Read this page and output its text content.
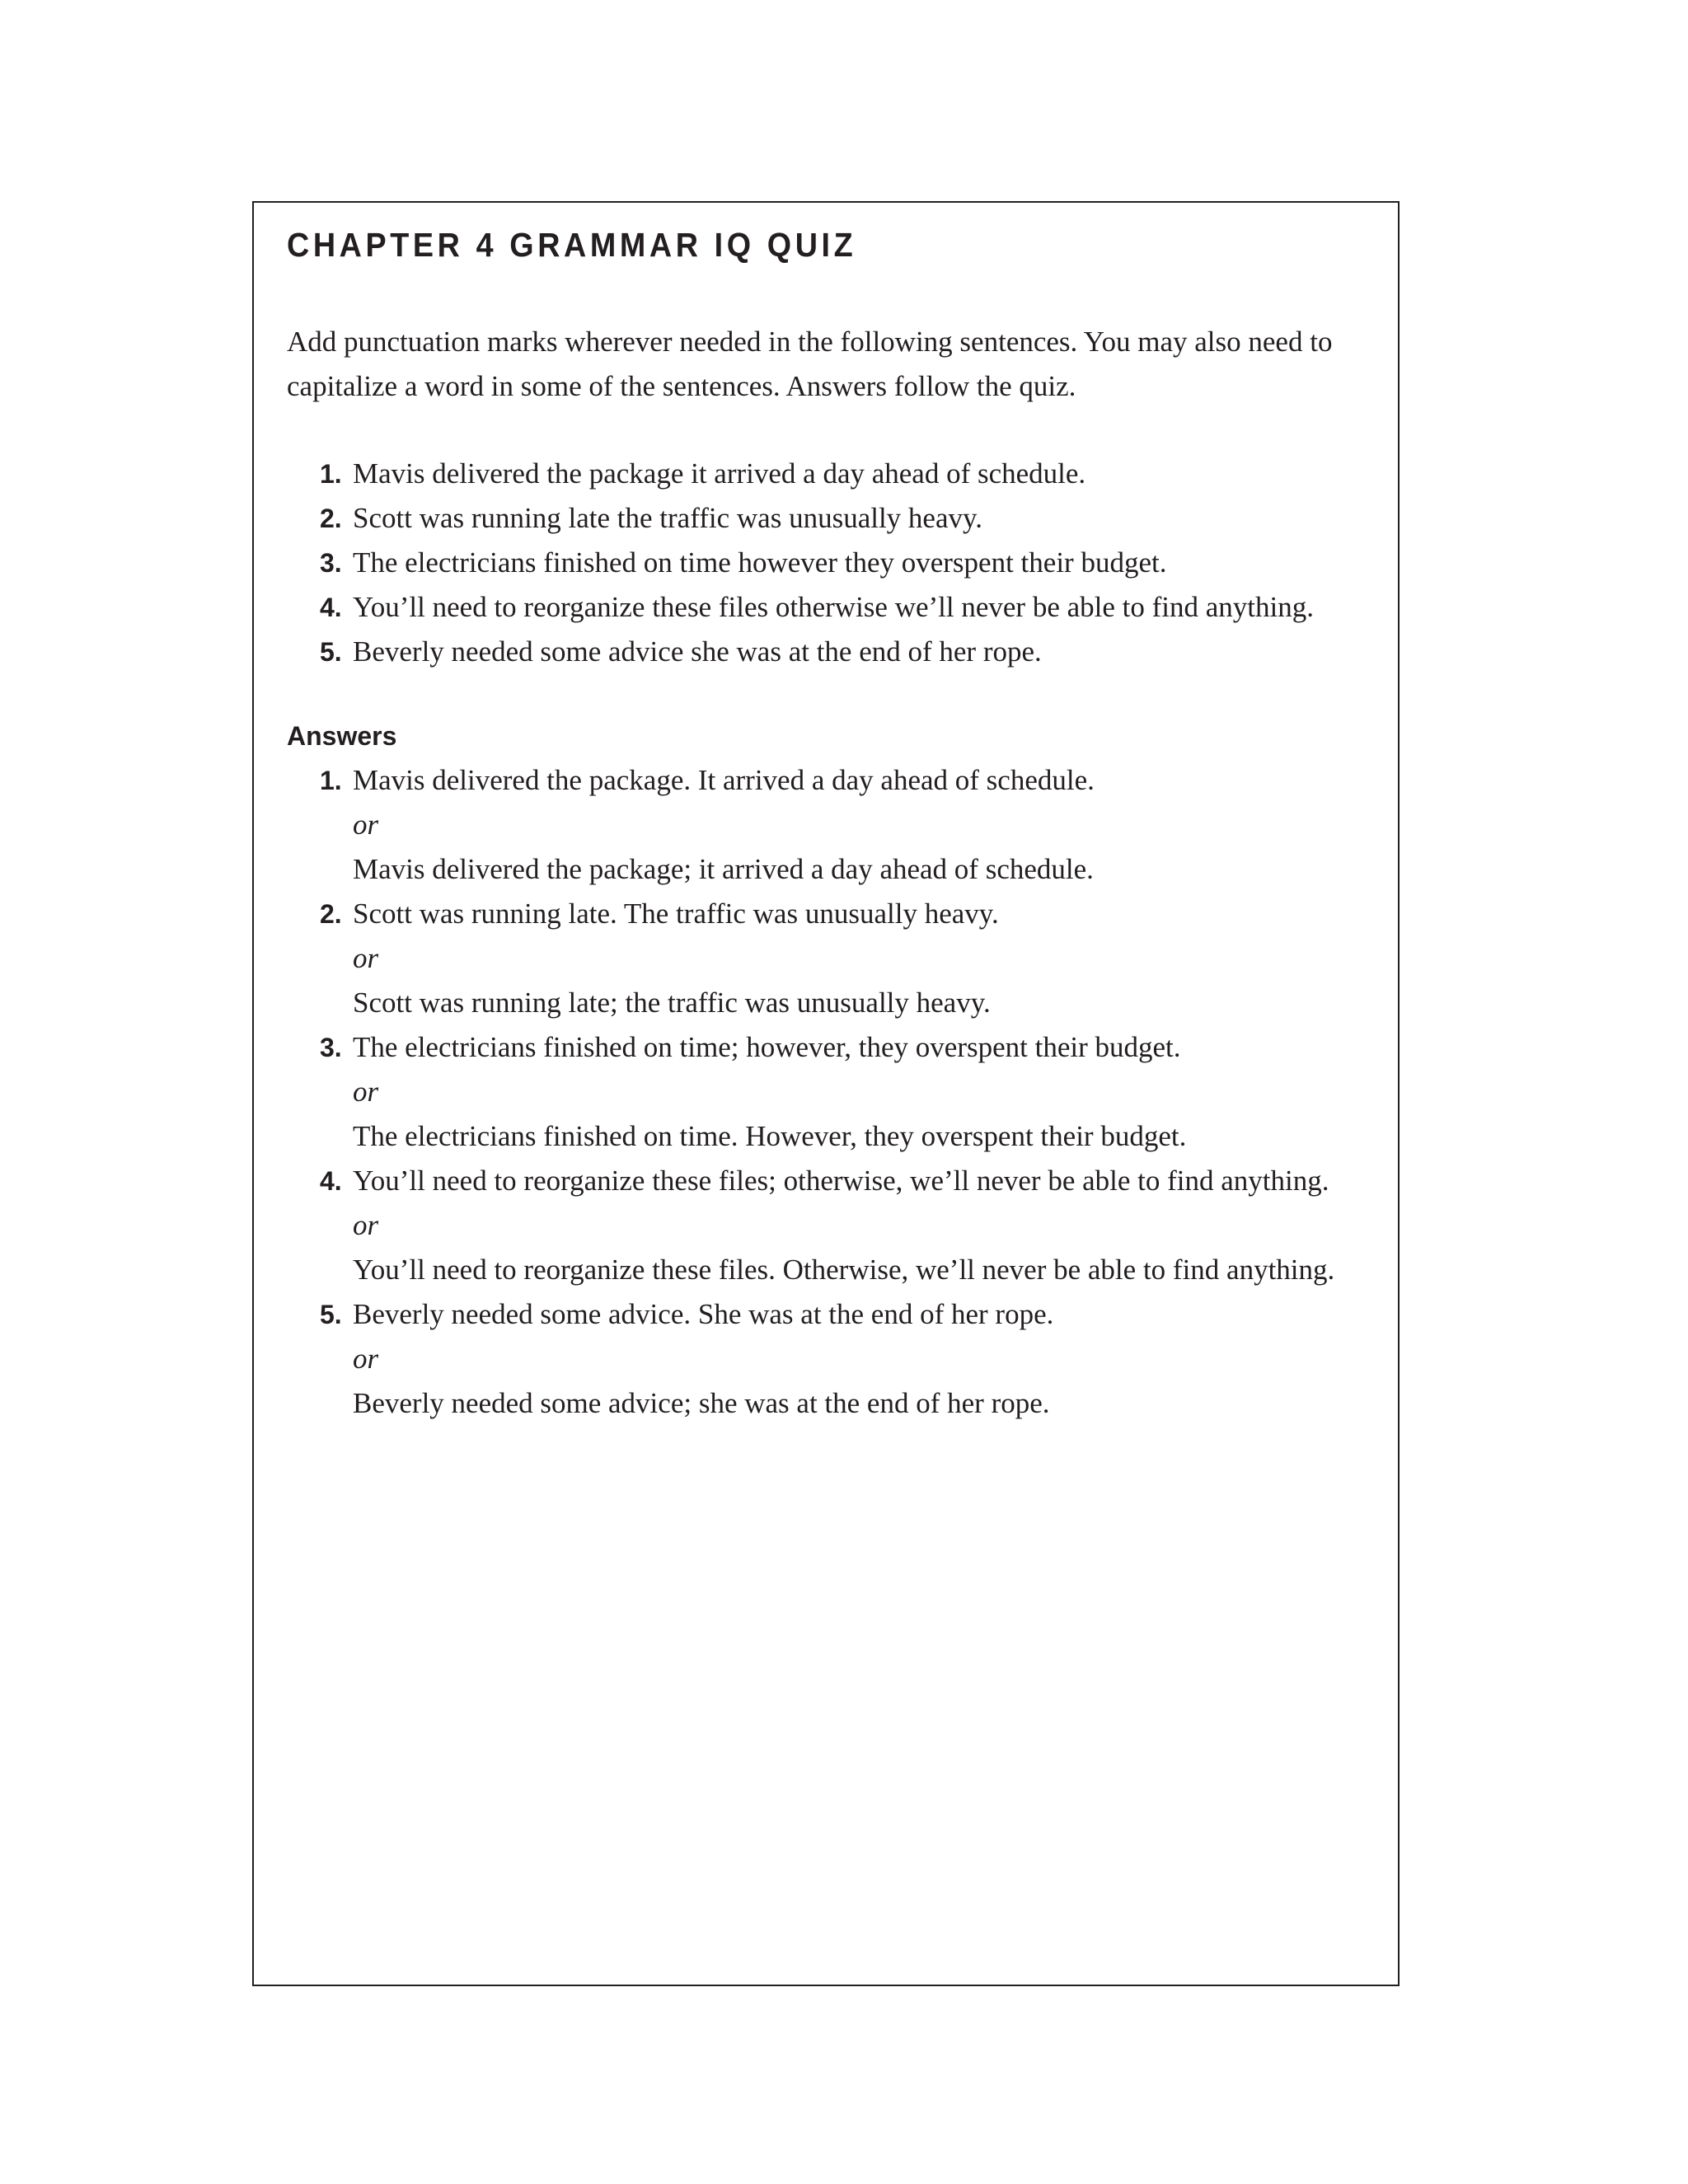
CHAPTER 4 GRAMMAR IQ QUIZ

Add punctuation marks wherever needed in the following sentences. You may also need to capitalize a word in some of the sentences. Answers follow the quiz.

1. Mavis delivered the package it arrived a day ahead of schedule.
2. Scott was running late the traffic was unusually heavy.
3. The electricians finished on time however they overspent their budget.
4. You’ll need to reorganize these files otherwise we’ll never be able to find anything.
5. Beverly needed some advice she was at the end of her rope.
Answers
1. Mavis delivered the package. It arrived a day ahead of schedule.
or
Mavis delivered the package; it arrived a day ahead of schedule.
2. Scott was running late. The traffic was unusually heavy.
or
Scott was running late; the traffic was unusually heavy.
3. The electricians finished on time; however, they overspent their budget.
or
The electricians finished on time. However, they overspent their budget.
4. You’ll need to reorganize these files; otherwise, we’ll never be able to find anything.
or
You’ll need to reorganize these files. Otherwise, we’ll never be able to find anything.
5. Beverly needed some advice. She was at the end of her rope.
or
Beverly needed some advice; she was at the end of her rope.
